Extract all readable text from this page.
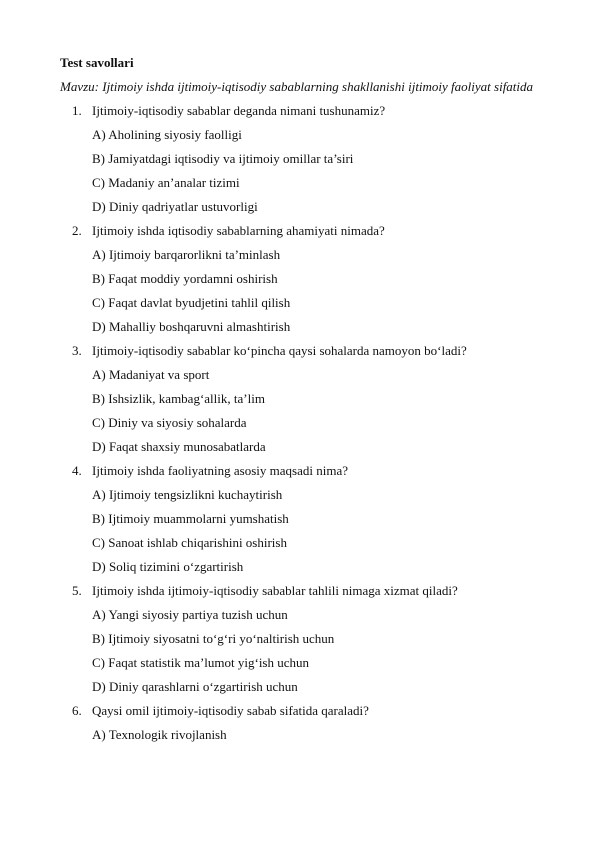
Test savollari
Mavzu: Ijtimoiy ishda ijtimoiy-iqtisodiy sabablarning shakllanishi ijtimoiy faoliyat sifatida
1. Ijtimoiy-iqtisodiy sabablar deganda nimani tushunamiz?
A) Aholining siyosiy faolligi
B) Jamiyatdagi iqtisodiy va ijtimoiy omillar ta’siri
C) Madaniy an’analar tizimi
D) Diniy qadriyatlar ustuvorligi
2. Ijtimoiy ishda iqtisodiy sabablarning ahamiyati nimada?
A) Ijtimoiy barqarorlikni ta’minlash
B) Faqat moddiy yordamni oshirish
C) Faqat davlat byudjetini tahlil qilish
D) Mahalliy boshqaruvni almashtirish
3. Ijtimoiy-iqtisodiy sabablar ko‘pincha qaysi sohalarda namoyon bo‘ladi?
A) Madaniyat va sport
B) Ishsizlik, kambag‘allik, ta’lim
C) Diniy va siyosiy sohalarda
D) Faqat shaxsiy munosabatlarda
4. Ijtimoiy ishda faoliyatning asosiy maqsadi nima?
A) Ijtimoiy tengsizlikni kuchaytirish
B) Ijtimoiy muammolarni yumshatish
C) Sanoat ishlab chiqarishini oshirish
D) Soliq tizimini o‘zgartirish
5. Ijtimoiy ishda ijtimoiy-iqtisodiy sabablar tahlili nimaga xizmat qiladi?
A) Yangi siyosiy partiya tuzish uchun
B) Ijtimoiy siyosatni to‘g‘ri yo‘naltirish uchun
C) Faqat statistik ma’lumot yig‘ish uchun
D) Diniy qarashlarni o‘zgartirish uchun
6. Qaysi omil ijtimoiy-iqtisodiy sabab sifatida qaraladi?
A) Texnologik rivojlanish
